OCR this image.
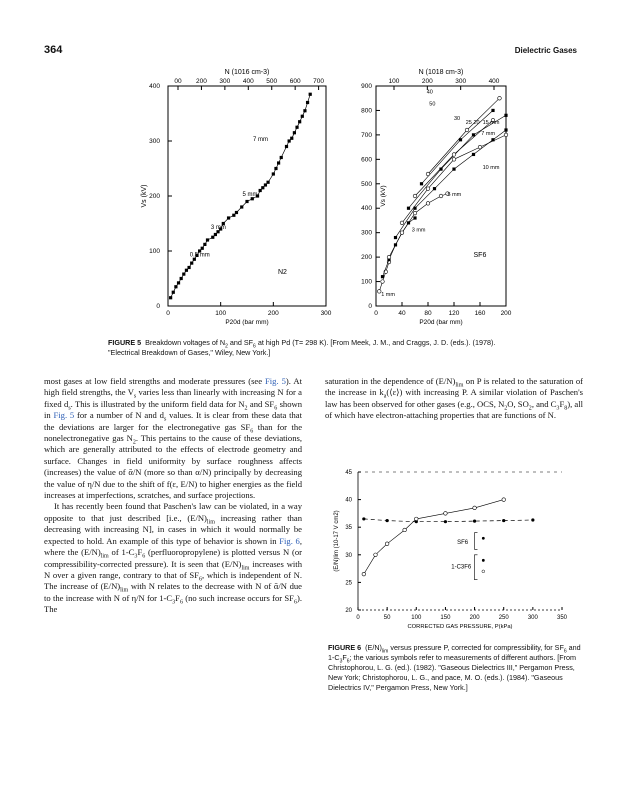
364	Dielectric Gases
N (1016 cm-3)
00 200 300 400 500 600 700
400
300
200
100
0
Vs (kV)
0	100	200	300
P20d (bar mm)
N2
7 mm
5 mm
3 mm
0.5 mm
N (1018 cm-3)
100	200	300	400
900
800
700
600
500
400
300
200
100
0
Vs (kV)
0	40	80	120 160 200
P20d (bar mm)
SF6
40
50
30
25 20 15 mm
7 mm
10 mm
5 mm
3 mm
1 mm
FIGURE 5 Breakdown voltages of $N_2$ and $SF_6$ at high Pd (T= 298 K). [From Meek, J. M., and Craggs, J. D. (eds.). (1978). "Electrical Breakdown of Gases," Wiley, New York.]

most gases at low field strengths and moderate pressures (see Fig. 5). At high field strengths, the $V_s$ varies less than linearly with increasing N for a fixed $d_s$. This is illustrated by the uniform field data for $N_2$ and $SF_6$ shown in Fig. 5 for a number of N and $d_s$ values. It is clear from these data that the deviations are larger for the electronegative gas $SF_6$ than for the nonelectronegative gas $N_2$. This pertains to the cause of these deviations, which are generally attributed to the effects of electrode geometry and surface. Changes in field uniformity by surface roughness affects (increases) the value of ᾱ/N (more so than α/N) principally by decreasing the value of η/N due to the shift of f(ε, E/N) to higher energies as the field increases at imperfections, scratches, and surface projections.

It has recently been found that Paschen's law can be violated, in a way opposite to that just described [i.e., $(E/N)_{lim}$ increasing rather than decreasing with increasing N], in cases in which it would normally be expected to hold. An example of this type of behavior is shown in Fig. 6, where the $(E/N)_{lim}$ of $1-C_3F_6$ (perfluoropropylene) is plotted versus N (or compressibility-corrected pressure). It is seen that $(E/N)_{lim}$ increases with N over a given range, contrary to that of $SF_6$, which is independent of N. The increase of $(E/N)_{lim}$ with N relates to the decrease with N of ᾱ/N due to the increase with N of η/N for $1-C_3F_6$ (no such increase occurs for $SF_6$). The

saturation in the dependence of $(E/N)_{lim}$ on P is related to the saturation of the increase in $k_a(⟨\varepsilon⟩)$ with increasing P. A similar violation of Paschen's law has been observed for other gases (e.g., OCS, $N_2O$, $SO_2$, and $C_3F_8$), all of which have electron-attaching properties that are functions of N.

45
40
35
30
25
20
0	50	100	150	200	250	300	350
CORRECTED GAS PRESSURE, P(kPa)
(E/N)lim (10-17 V cm2)	SF6
1-C3F6
FIGURE 6 $(E/N)_{lim}$ versus pressure P, corrected for compressibility, for $SF_6$ and $1-C_3F_6$; the various symbols refer to measurements of different authors. [From Christophorou, L. G. (ed.). (1982). "Gaseous Dielectrics III," Pergamon Press, New York; Christophorou, L. G., and pace, M. O. (eds.). (1984). "Gaseous Dielectrics IV," Pergamon Press, New York.]
